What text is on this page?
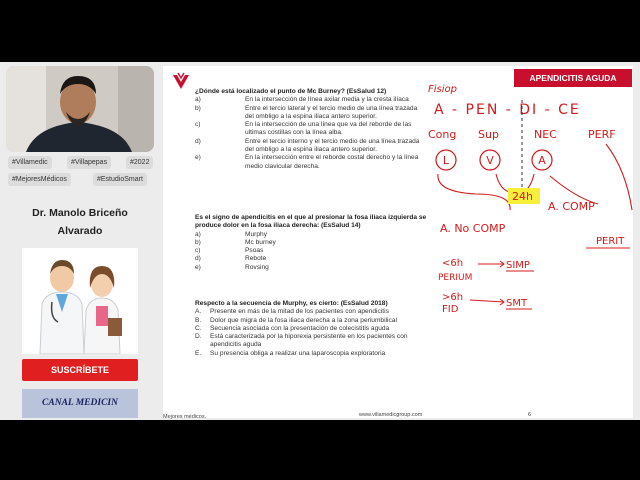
#Villamedic	#Villapepas	#2022
#MejoresMédicos	#EstudioSmart
Dr. Manolo Briceño
Alvarado
SUSCRÍBETE
CANAL MEDICIN
APENDICITIS AGUDA
¿Dónde está localizado el punto de Mc Burney? (EsSalud 12)
a)	En la intersección de línea axilar media y la cresta ilíaca
b)	Entre el tercio lateral y el tercio medio de una línea trazada del ombligo a la espina iliaca antero superior.
c)	En la intersección de una línea que va del reborde de las ultimas costillas con la línea alba.
d)	Entre el tercio interno y el tercio medio de una línea trazada del ombligo a la espina iliaca antero superior.
e)	En la intersección entre el reborde costal derecho y la línea medio clavicular derecha.
Es el signo de apendicitis en el que al presionar la fosa iliaca izquierda se produce dolor en la fosa iliaca derecha: (EsSalud 14)
a)	Murphy
b)	Mc burney
c)	Psoas
d)	Rebote
e)	Rovsing
Respecto a la secuencia de Murphy, es cierto: (EsSalud 2018)
A.	Presente en más de la mitad de los pacientes con apendicitis
B.	Dolor que migra de la fosa iliaca derecha a la zona periumbilical
C.	Secuencia asociada con la presentación de colecistitis aguda
D.	Está caracterizada por la hiporexia persistente en los pacientes con apendicitis aguda
E.	Su presencia obliga a realizar una laparoscopia exploratoria
Mejores médicos.	www.villamedicgroup.com	6
Fisiop
A - PEN - DI - CE
Cong Sup	NEC	PERF
L	V	A
24h
A. No COMP
A. COMP
PERIT
<6h
PERIUM
SIMP
>6h
FID
SMT
